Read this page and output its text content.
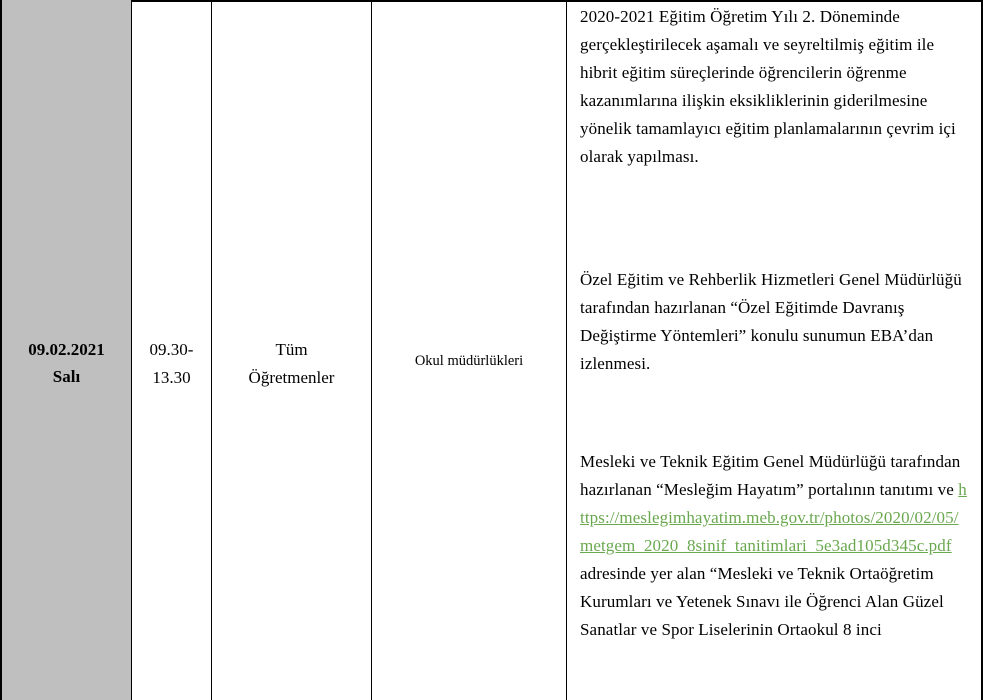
09.02.2021
Salı
09.30-
13.30
Tüm
Öğretmenler
Okul müdürlükleri

2020-2021 Eğitim Öğretim Yılı 2. Döneminde gerçekleştirilecek aşamalı ve seyreltilmiş eğitim ile hibrit eğitim süreçlerinde öğrencilerin öğrenme kazanımlarına ilişkin eksikliklerinin giderilmesine yönelik tamamlayıcı eğitim planlamalarının çevrim içi olarak yapılması.

Özel Eğitim ve Rehberlik Hizmetleri Genel Müdürlüğü tarafından hazırlanan “Özel Eğitimde Davranış Değiştirme Yöntemleri” konulu sunumun EBA’dan izlenmesi.

Mesleki ve Teknik Eğitim Genel Müdürlüğü tarafından hazırlanan “Mesleğim Hayatım” portalının tanıtımı ve https://meslegimhayatim.meb.gov.tr/photos/2020/02/05/metgem_2020_8sinif_tanitimlari_5e3ad105d345c.pdf adresinde yer alan “Mesleki ve Teknik Ortaöğretim Kurumları ve Yetenek Sınavı ile Öğrenci Alan Güzel Sanatlar ve Spor Liselerinin Ortaokul 8 inci
